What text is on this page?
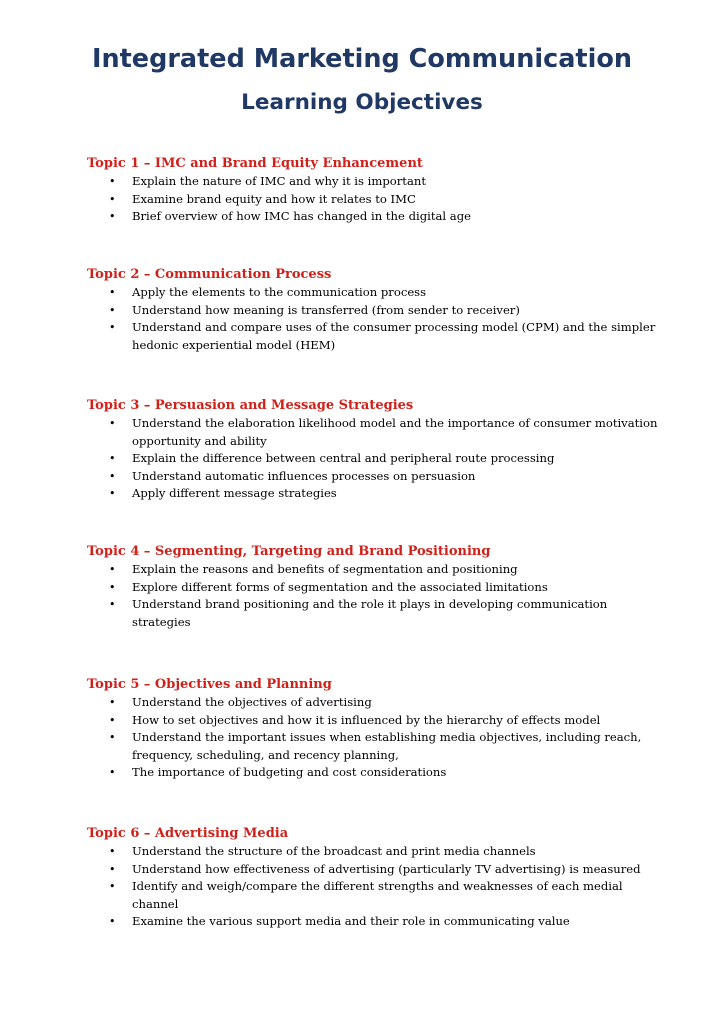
Integrated Marketing Communication
Learning Objectives
Topic 1 – IMC and Brand Equity Enhancement
• Explain the nature of IMC and why it is important
• Examine brand equity and how it relates to IMC
• Brief overview of how IMC has changed in the digital age
Topic 2 – Communication Process
• Apply the elements to the communication process
• Understand how meaning is transferred (from sender to receiver)
• Understand and compare uses of the consumer processing model (CPM) and the simpler hedonic experiential model (HEM)
Topic 3 – Persuasion and Message Strategies
• Understand the elaboration likelihood model and the importance of consumer motivation opportunity and ability
• Explain the difference between central and peripheral route processing
• Understand automatic influences processes on persuasion
• Apply different message strategies
Topic 4 – Segmenting, Targeting and Brand Positioning
• Explain the reasons and benefits of segmentation and positioning
• Explore different forms of segmentation and the associated limitations
• Understand brand positioning and the role it plays in developing communication strategies
Topic 5 – Objectives and Planning
• Understand the objectives of advertising
• How to set objectives and how it is influenced by the hierarchy of effects model
• Understand the important issues when establishing media objectives, including reach, frequency, scheduling, and recency planning,
• The importance of budgeting and cost considerations
Topic 6 – Advertising Media
• Understand the structure of the broadcast and print media channels
• Understand how effectiveness of advertising (particularly TV advertising) is measured
• Identify and weigh/compare the different strengths and weaknesses of each medial channel
• Examine the various support media and their role in communicating value
